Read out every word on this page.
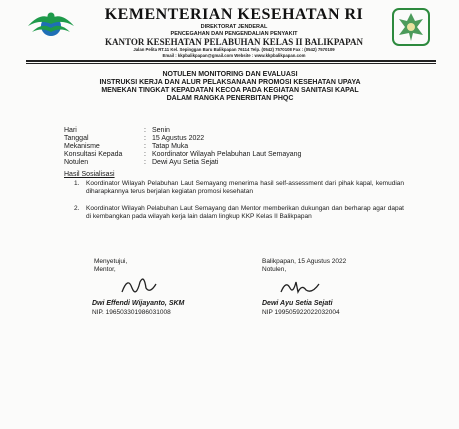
KEMENTERIAN KESEHATAN RI
DIREKTORAT JENDERAL
PENCEGAHAN DAN PENGENDALIAN PENYAKIT
KANTOR KESEHATAN PELABUHAN KELAS II BALIKPAPAN
Jalan Pelita RT.11 Kel. Sepinggan Baru Balikpapan 76114 Telp. (0542) 7570108 Fax : (0542) 7570109
Email : kkpbalikpapan@gmail.com Website : www.kkpbalikpapan.com
NOTULEN MONITORING DAN EVALUASI
INSTRUKSI KERJA DAN ALUR PELAKSANAAN PROMOSI KESEHATAN UPAYA
MENEKAN TINGKAT KEPADATAN KECOA PADA KEGIATAN SANITASI KAPAL
DALAM RANGKA PENERBITAN PHQC
Hari	: Senin
Tanggal	: 15 Agustus 2022
Mekanisme	: Tatap Muka
Konsultasi Kepada	: Koordinator Wilayah Pelabuhan Laut Semayang
Notulen	: Dewi Ayu Setia Sejati
Hasil Sosialisasi
1. Koordinator Wilayah Pelabuhan Laut Semayang menerima hasil self-assessment dari pihak kapal, kemudian diharapkannya terus berjalan kegiatan promosi kesehatan
2. Koordinator Wilayah Pelabuhan Laut Semayang dan Mentor memberikan dukungan dan berharap agar dapat di kembangkan pada wilayah kerja lain dalam lingkup KKP Kelas II Balikpapan
Menyetujui,
Mentor,
Dwi Effendi Wijayanto, SKM
NIP. 196503301986031008
Balikpapan, 15 Agustus 2022
Notulen,
Dewi Ayu Setia Sejati
NIP 199505922022032004
